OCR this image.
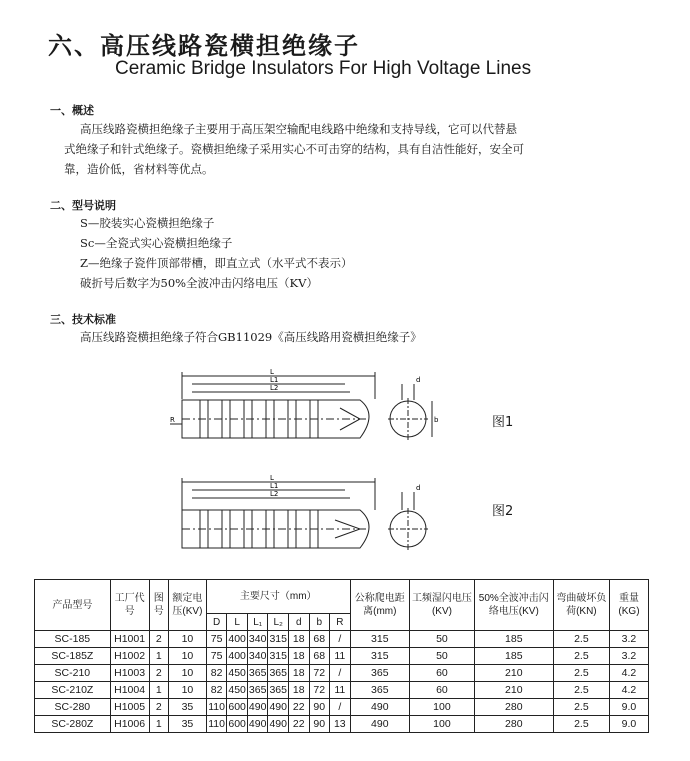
六、高压线路瓷横担绝缘子
Ceramic Bridge Insulators For High Voltage Lines
一、概述
高压线路瓷横担绝缘子主要用于高压架空输配电线路中绝缘和支持导线，它可以代替悬
式绝缘子和针式绝缘子。瓷横担绝缘子采用实心不可击穿的结构，具有自洁性能好，安全可
靠，造价低，省材料等优点。
二、型号说明
S—胶装实心瓷横担绝缘子
Sc—全瓷式实心瓷横担绝缘子
Z—绝缘子瓷件顶部带槽，即直立式（水平式不表示）
破折号后数字为50%全波冲击闪络电压（KV）
三、技术标准
高压线路瓷横担绝缘子符合GB11029《高压线路用瓷横担绝缘子》
L
L1
L2
R
d
b	图1
L
L1
L2
d
图2
产品型号	工厂代号	图号	额定电压(KV)	主要尺寸（mm）							公称爬电距离(mm)	工频湿闪电压(KV)	50%全波冲击闪络电压(KV)	弯曲破坏负荷(KN)	重量(KG)
				D	L	L₁	L₂	d	b	R					
SC-185	H1001	2	10	75	400	340	315	18	68	/	315	50	185	2.5	3.2
SC-185Z	H1002	1	10	75	400	340	315	18	68	11	315	50	185	2.5	3.2
SC-210	H1003	2	10	82	450	365	365	18	72	/	365	60	210	2.5	4.2
SC-210Z	H1004	1	10	82	450	365	365	18	72	11	365	60	210	2.5	4.2
SC-280	H1005	2	35	110	600	490	490	22	90	/	490	100	280	2.5	9.0
SC-280Z	H1006	1	35	110	600	490	490	22	90	13	490	100	280	2.5	9.0
